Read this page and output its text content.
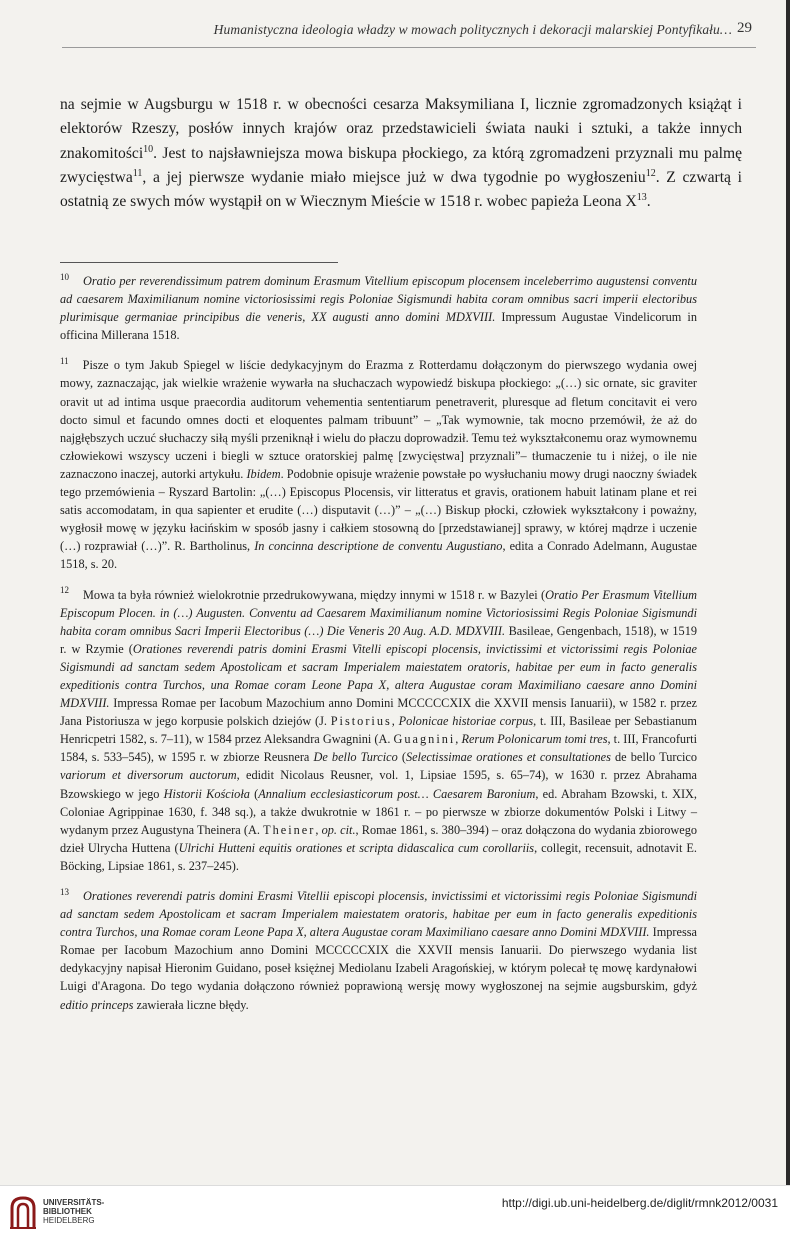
Humanistyczna ideologia władzy w mowach politycznych i dekoracji malarskiej Pontyfikału… 29

na sejmie w Augsburgu w 1518 r. w obecności cesarza Maksymiliana I, licznie zgromadzonych książąt i elektorów Rzeszy, posłów innych krajów oraz przedstawicieli świata nauki i sztuki, a także innych znakomitości$^{10}$. Jest to najsławniejsza mowa biskupa płockiego, za którą zgromadzeni przyznali mu palmę zwycięstwa$^{11}$, a jej pierwsze wydanie miało miejsce już w dwa tygodnie po wygłoszeniu$^{12}$. Z czwartą i ostatnią ze swych mów wystąpił on w Wiecznym Mieście w 1518 r. wobec papieża Leona $X^{13}$.

$^{10}$ Oratio per reverendissimum patrem dominum Erasmum Vitellium episcopum plocensem inceleberrimo augustensi conventu ad caesarem Maximilianum nomine victoriosissimi regis Poloniae Sigismundi habita coram omnibus sacri imperii electoribus plurimisque germaniae principibus die veneris, XX augusti anno domini MDXVIII. Impressum Augustae Vindelicorum in officina Millerana 1518.

$^{11}$ Pisze o tym Jakub Spiegel w liście dedykacyjnym do Erazma z Rotterdamu dołączonym do pierwszego wydania owej mowy, zaznaczając, jak wielkie wrażenie wywarła na słuchaczach wypowiedź biskupa płockiego: „(…) sic ornate, sic graviter oravit ut ad intima usque praecordia auditorum vehementia sententiarum penetraverit, pluresque ad fletum concitavit ei vero docto simul et facundo omnes docti et eloquentes palmam tribuunt” – „Tak wymownie, tak mocno przemówił, że aż do najgłębszych uczuć słuchaczy siłą myśli przeniknął i wielu do płaczu doprowadził. Temu też wykształconemu oraz wymownemu człowiekowi wszyscy uczeni i biegli w sztuce oratorskiej palmę [zwycięstwa] przyznali”– tłumaczenie tu i niżej, o ile nie zaznaczono inaczej, autorki artykułu. Ibidem. Podobnie opisuje wrażenie powstałe po wysłuchaniu mowy drugi naoczny świadek tego przemówienia – Ryszard Bartolin: „(…) Episcopus Plocensis, vir litteratus et gravis, orationem habuit latinam plane et rei satis accomodatam, in qua sapienter et erudite (…) disputavit (…)” – „(…) Biskup płocki, człowiek wykształcony i poważny, wygłosił mowę w języku łacińskim w sposób jasny i całkiem stosowną do [przedstawianej] sprawy, w której mądrze i uczenie (…) rozprawiał (…)”. R. Bartholinus, In concinna descriptione de conventu Augustiano, edita a Conrado Adelmann, Augustae 1518, s. 20.

$^{12}$ Mowa ta była również wielokrotnie przedrukowywana, między innymi w 1518 r. w Bazylei (Oratio Per Erasmum Vitellium Episcopum Plocen. in (…) Augusten. Conventu ad Caesarem Maximilianum nomine Victoriosissimi Regis Poloniae Sigismundi habita coram omnibus Sacri Imperii Electoribus (…) Die Veneris 20 Aug. A.D. MDXVIII. Basileae, Gengenbach, 1518), w 1519 r. w Rzymie (Orationes reverendi patris domini Erasmi Vitelli episcopi plocensis, invictissimi et victorissimi regis Poloniae Sigismundi ad sanctam sedem Apostolicam et sacram Imperialem maiestatem oratoris, habitae per eum in facto generalis expeditionis contra Turchos, una Romae coram Leone Papa X, altera Augustae coram Maximiliano caesare anno Domini MDXVIII. Impressa Romae per Iacobum Mazochium anno Domini MCCCCCXIX die XXVII mensis Ianuarii), w 1582 r. przez Jana Pistoriusza w jego korpusie polskich dziejów (J. Pistorius, Polonicae historiae corpus, t. III, Basileae per Sebastianum Henricpetri 1582, s. 7–11), w 1584 przez Aleksandra Gwagnini (A. Guagnini, Rerum Polonicarum tomi tres, t. III, Francofurti 1584, s. 533–545), w 1595 r. w zbiorze Reusnera De bello Turcico (Selectissimae orationes et consultationes de bello Turcico variorum et diversorum auctorum, edidit Nicolaus Reusner, vol. 1, Lipsiae 1595, s. 65–74), w 1630 r. przez Abrahama Bzowskiego w jego Historii Kościoła (Annalium ecclesiasticorum post… Caesarem Baronium, ed. Abraham Bzowski, t. XIX, Coloniae Agrippinae 1630, f. 348 sq.), a także dwukrotnie w 1861 r. – po pierwsze w zbiorze dokumentów Polski i Litwy – wydanym przez Augustyna Theinera (A. Theiner, op. cit., Romae 1861, s. 380–394) – oraz dołączona do wydania zbiorowego dzieł Ulrycha Huttena (Ulrichi Hutteni equitis orationes et scripta didascalica cum corollariis, collegit, recensuit, adnotavit E. Böcking, Lipsiae 1861, s. 237–245).

$^{13}$ Orationes reverendi patris domini Erasmi Vitellii episcopi plocensis, invictissimi et victorissimi regis Poloniae Sigismundi ad sanctam sedem Apostolicam et sacram Imperialem maiestatem oratoris, habitae per eum in facto generalis expeditionis contra Turchos, una Romae coram Leone Papa X, altera Augustae coram Maximiliano caesare anno Domini MDXVIII. Impressa Romae per Iacobum Mazochium anno Domini MCCCCCXIX die XXVII mensis Ianuarii. Do pierwszego wydania list dedykacyjny napisał Hieronim Guidano, poseł księżnej Mediolanu Izabeli Aragońskiej, w którym polecał tę mowę kardynałowi Luigi d'Aragona. Do tego wydania dołączono również poprawioną wersję mowy wygłoszonej na sejmie augsburskim, gdyż editio princeps zawierała liczne błędy.

UNIVERSITÄTS-
BIBLIOTHEK
HEIDELBERG
http://digi.ub.uni-heidelberg.de/diglit/rmnk2012/0031
